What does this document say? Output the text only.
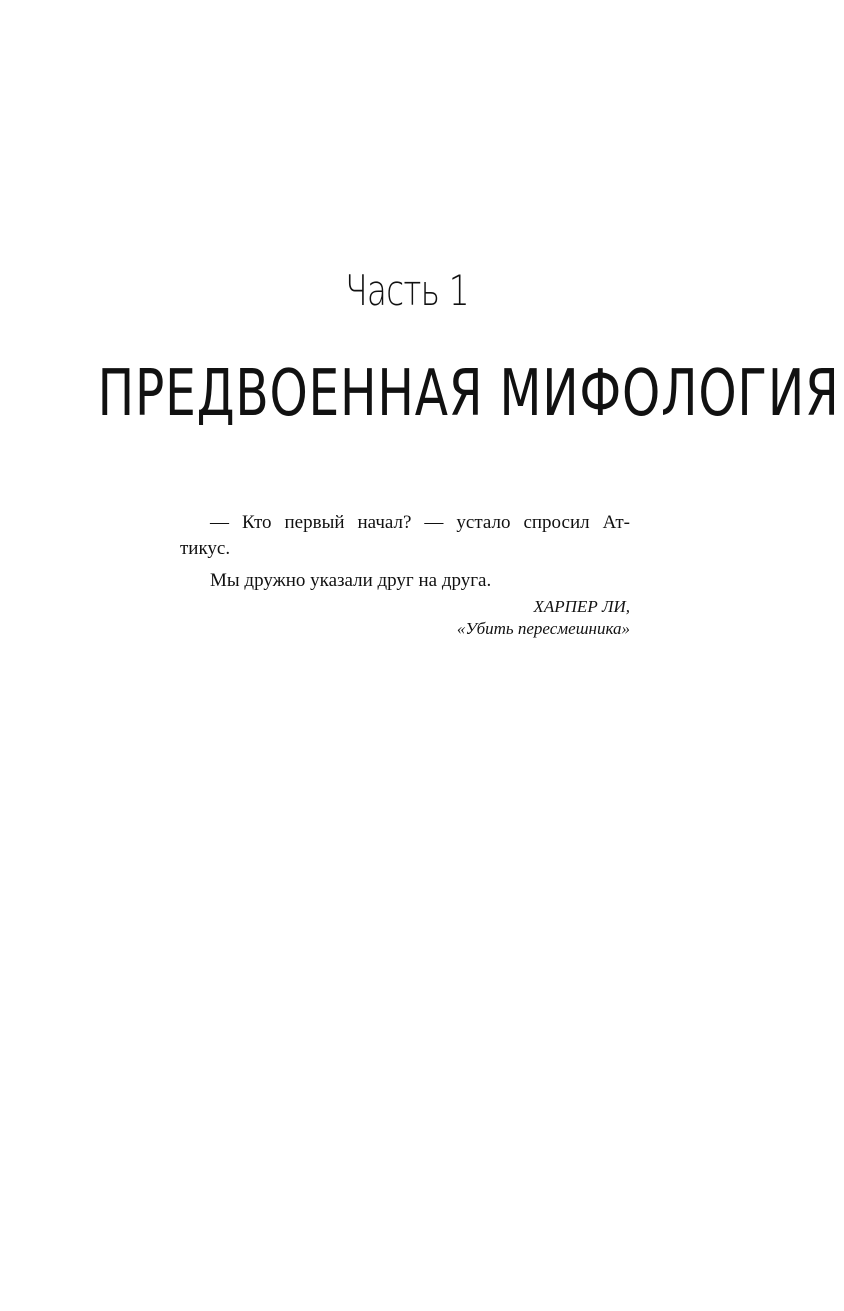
Часть 1
ПРЕДВОЕННАЯ МИФОЛОГИЯ

— Кто первый начал? — устало спросил Ат-

тикус.

Мы дружно указали друг на друга.

ХАРПЕР ЛИ,

«Убить пересмешника»
